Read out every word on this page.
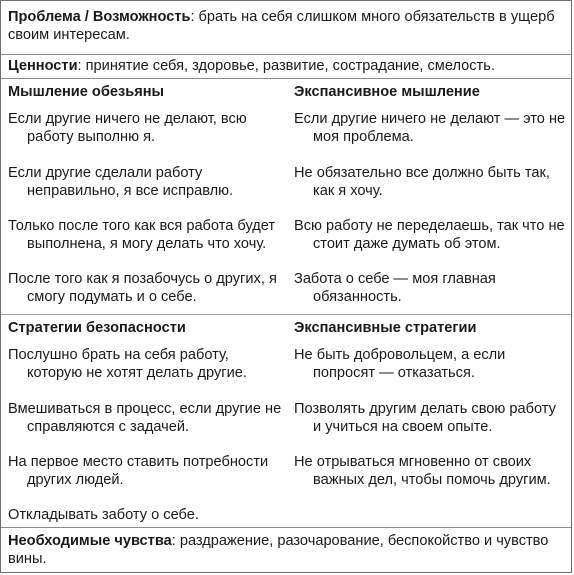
Проблема / Возможность: брать на себя слишком много обязательств в ущерб своим интересам.
Ценности: принятие себя, здоровье, развитие, сострадание, смелость.
Мышление обезьяны	Экспансивное мышление

Если другие ничего не делают, всю работу выполню я.

Если другие сделали работу неправильно, я все исправлю.

Только после того как вся работа будет выполнена, я могу делать что хочу.

После того как я позабочусь о других, я смогу подумать и о себе.

Если другие ничего не делают — это не моя проблема.

Не обязательно все должно быть так, как я хочу.

Всю работу не переделаешь, так что не стоит даже думать об этом.

Забота о себе — моя главная обязанность.

Стратегии безопасности	Экспансивные стратегии

Послушно брать на себя работу, которую не хотят делать другие.

Вмешиваться в процесс, если другие не справляются с задачей.

На первое место ставить потребности других людей.

Откладывать заботу о себе.

Не быть добровольцем, а если попросят — отказаться.

Позволять другим делать свою работу и учиться на своем опыте.

Не отрываться мгновенно от своих важных дел, чтобы помочь другим.

Необходимые чувства: раздражение, разочарование, беспокойство и чувство вины.
